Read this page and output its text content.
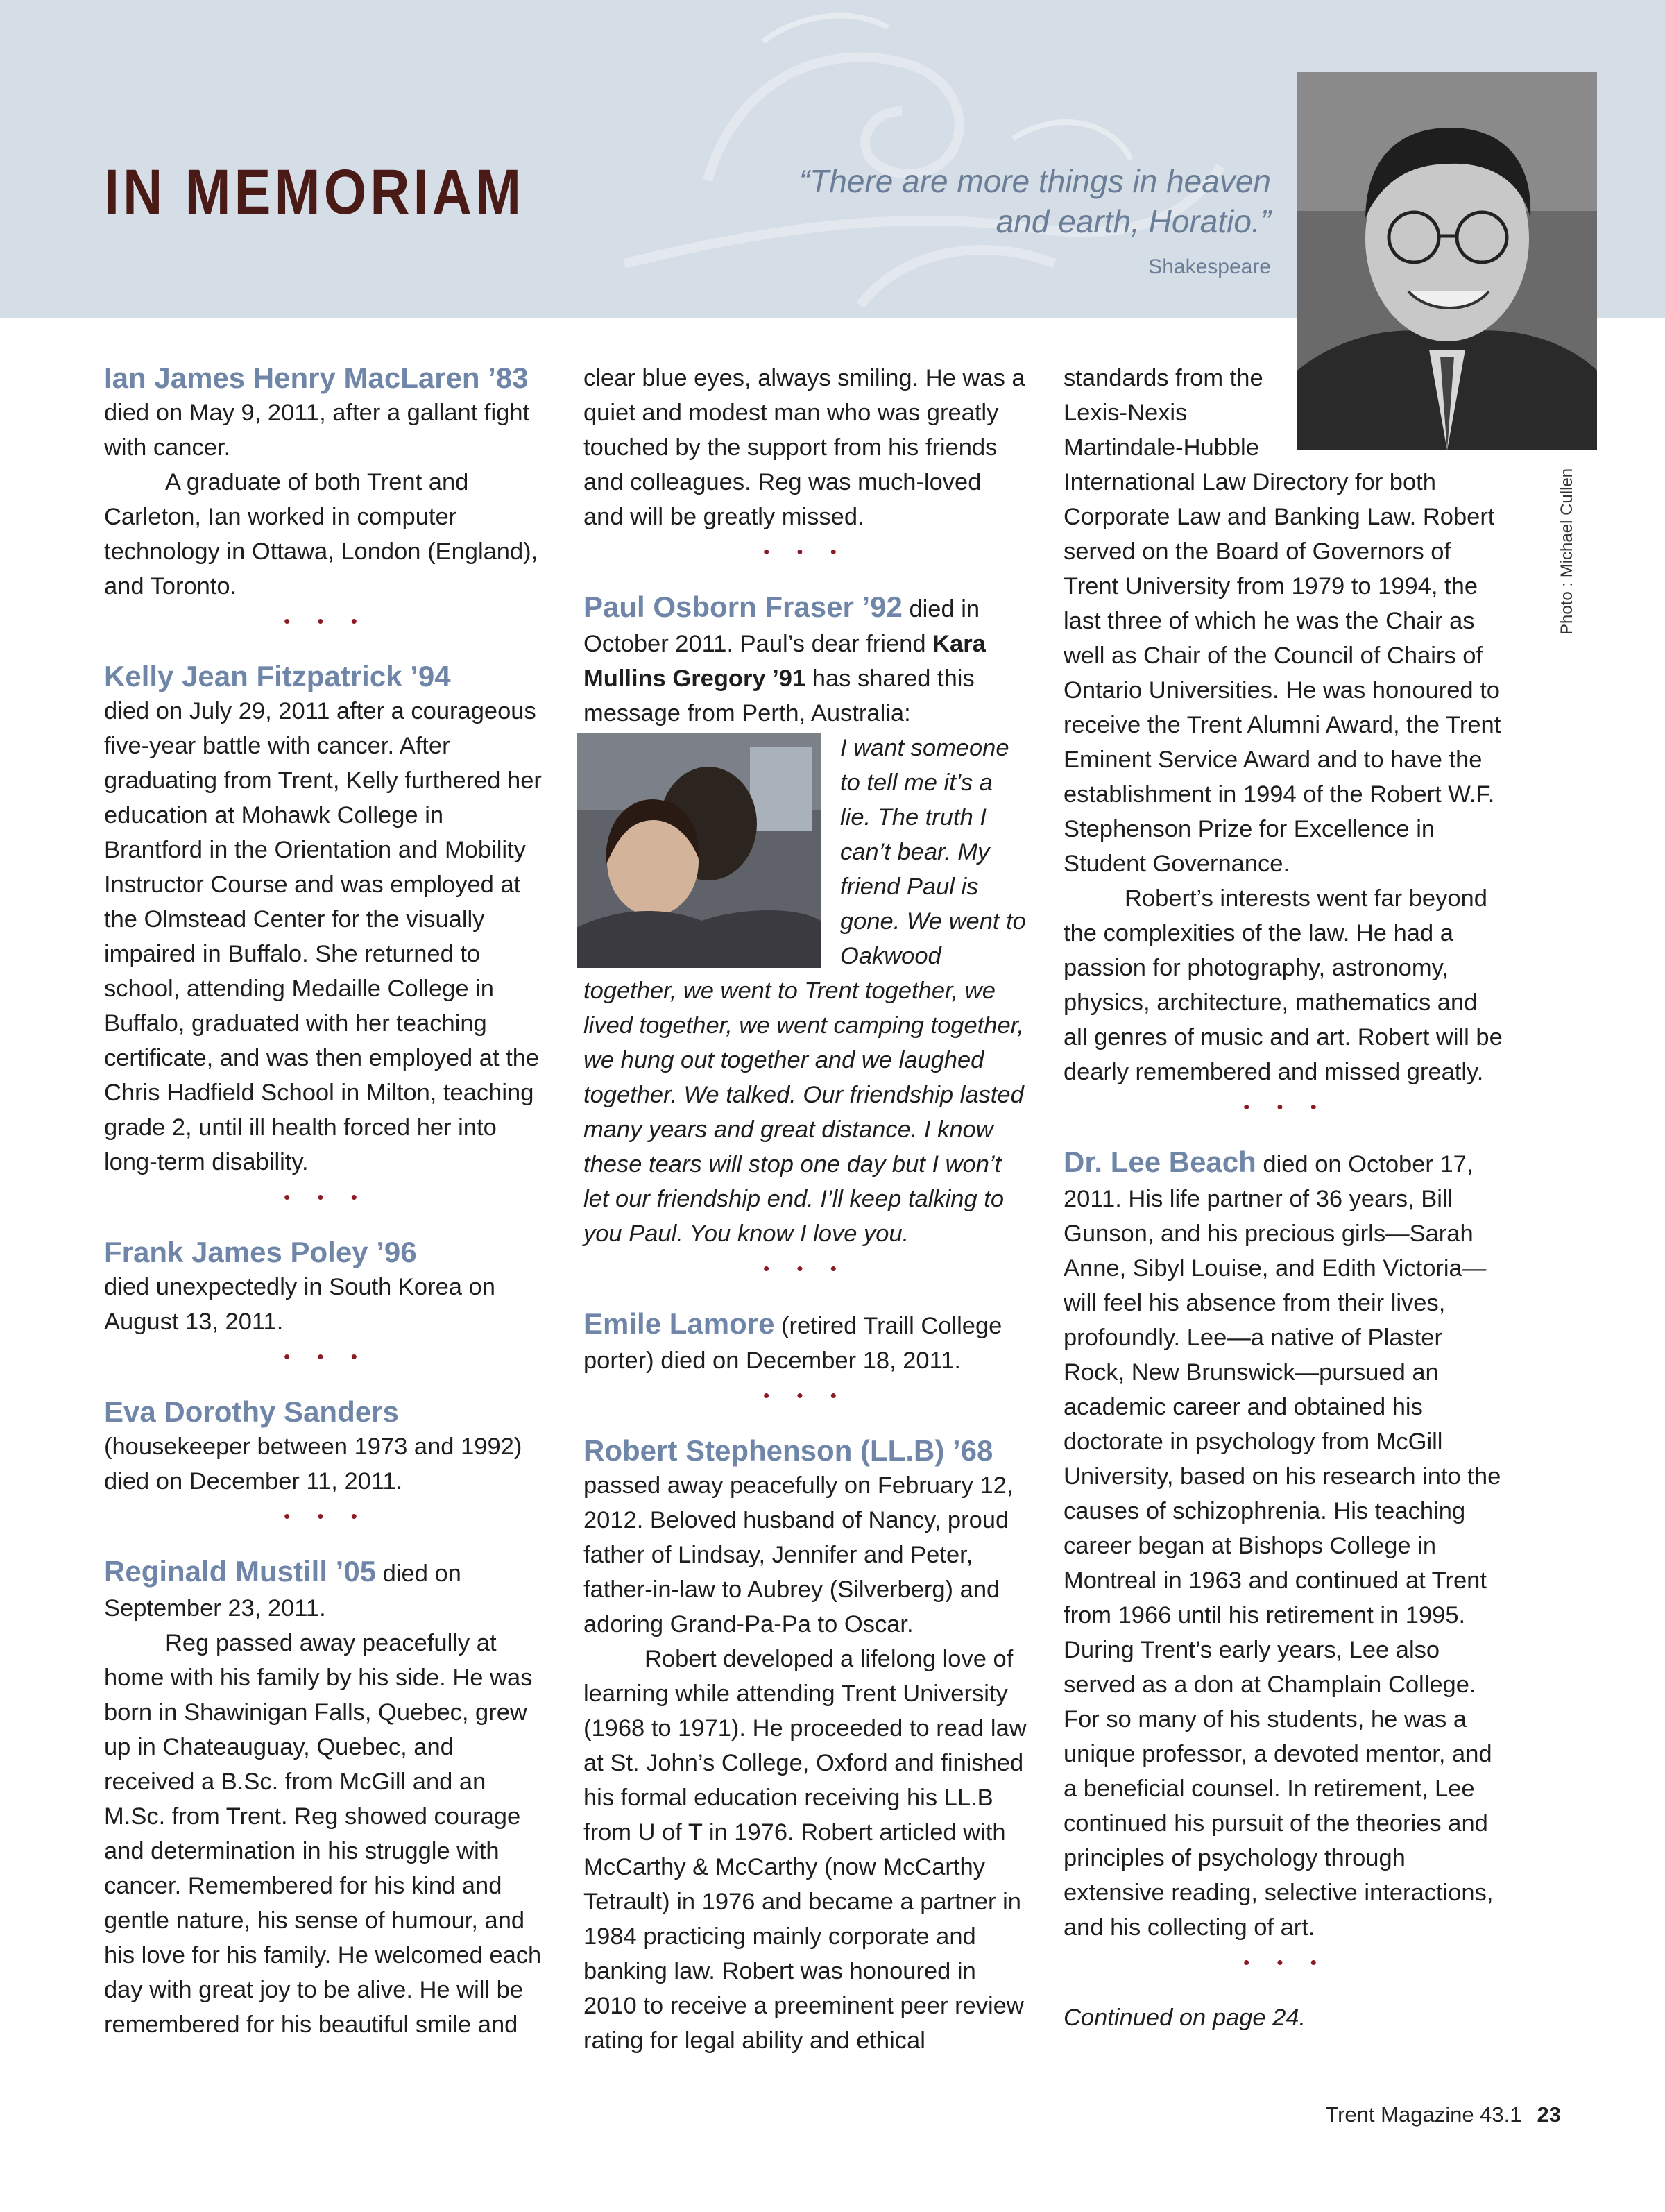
IN MEMORIAM	“There are more things in heaven and earth, Horatio.”
Shakespeare
Photo : Michael Cullen

Ian James Henry MacLaren ’83

died on May 9, 2011, after a gallant fight with cancer.

A graduate of both Trent and Carleton, Ian worked in computer technology in Ottawa, London (England), and Toronto.

• • •

Kelly Jean Fitzpatrick ’94

died on July 29, 2011 after a courageous five-year battle with cancer. After graduating from Trent, Kelly furthered her education at Mohawk College in Brantford in the Orientation and Mobility Instructor Course and was employed at the Olmstead Center for the visually impaired in Buffalo. She returned to school, attending Medaille College in Buffalo, graduated with her teaching certificate, and was then employed at the Chris Hadfield School in Milton, teaching grade 2, until ill health forced her into long-term disability.

• • •

Frank James Poley ’96

died unexpectedly in South Korea on August 13, 2011.

• • •

Eva Dorothy Sanders

(housekeeper between 1973 and 1992) died on December 11, 2011.

• • •

Reginald Mustill ’05 died on September 23, 2011.

Reg passed away peacefully at home with his family by his side. He was born in Shawinigan Falls, Quebec, grew up in Chateauguay, Quebec, and received a B.Sc. from McGill and an M.Sc. from Trent. Reg showed courage and determination in his struggle with cancer. Remembered for his kind and gentle nature, his sense of humour, and his love for his family. He welcomed each day with great joy to be alive. He will be remembered for his beautiful smile and

clear blue eyes, always smiling. He was a quiet and modest man who was greatly touched by the support from his friends and colleagues. Reg was much-loved and will be greatly missed.

• • •

Paul Osborn Fraser ’92 died in October 2011. Paul’s dear friend Kara Mullins Gregory ’91 has shared this message from Perth, Australia:

I want someone to tell me it’s a lie. The truth I can’t bear. My friend Paul is gone. We went to Oakwood together, we went to Trent together, we lived together, we went camping together, we hung out together and we laughed together. We talked. Our friendship lasted many years and great distance. I know these tears will stop one day but I won’t let our friendship end. I’ll keep talking to you Paul. You know I love you.

• • •

Emile Lamore (retired Traill College porter) died on December 18, 2011.

• • •

Robert Stephenson (LL.B) ’68

passed away peacefully on February 12, 2012. Beloved husband of Nancy, proud father of Lindsay, Jennifer and Peter, father-in-law to Aubrey (Silverberg) and adoring Grand-Pa-Pa to Oscar.

Robert developed a lifelong love of learning while attending Trent University (1968 to 1971). He proceeded to read law at St. John’s College, Oxford and finished his formal education receiving his LL.B from U of T in 1976. Robert articled with McCarthy & McCarthy (now McCarthy Tetrault) in 1976 and became a partner in 1984 practicing mainly corporate and banking law. Robert was honoured in 2010 to receive a preeminent peer review rating for legal ability and ethical

standards from the Lexis-Nexis Martindale-Hubble

International Law Directory for both Corporate Law and Banking Law. Robert served on the Board of Governors of Trent University from 1979 to 1994, the last three of which he was the Chair as well as Chair of the Council of Chairs of Ontario Universities. He was honoured to receive the Trent Alumni Award, the Trent Eminent Service Award and to have the establishment in 1994 of the Robert W.F. Stephenson Prize for Excellence in Student Governance.

Robert’s interests went far beyond the complexities of the law. He had a passion for photography, astronomy, physics, architecture, mathematics and all genres of music and art. Robert will be dearly remembered and missed greatly.

• • •

Dr. Lee Beach died on October 17, 2011. His life partner of 36 years, Bill Gunson, and his precious girls—Sarah Anne, Sibyl Louise, and Edith Victoria—will feel his absence from their lives, profoundly. Lee—a native of Plaster Rock, New Brunswick—pursued an academic career and obtained his doctorate in psychology from McGill University, based on his research into the causes of schizophrenia. His teaching career began at Bishops College in Montreal in 1963 and continued at Trent from 1966 until his retirement in 1995. During Trent’s early years, Lee also served as a don at Champlain College. For so many of his students, he was a unique professor, a devoted mentor, and a beneficial counsel. In retirement, Lee continued his pursuit of the theories and principles of psychology through extensive reading, selective interactions, and his collecting of art.

• • •

Continued on page 24.

Trent Magazine 43.1 23
